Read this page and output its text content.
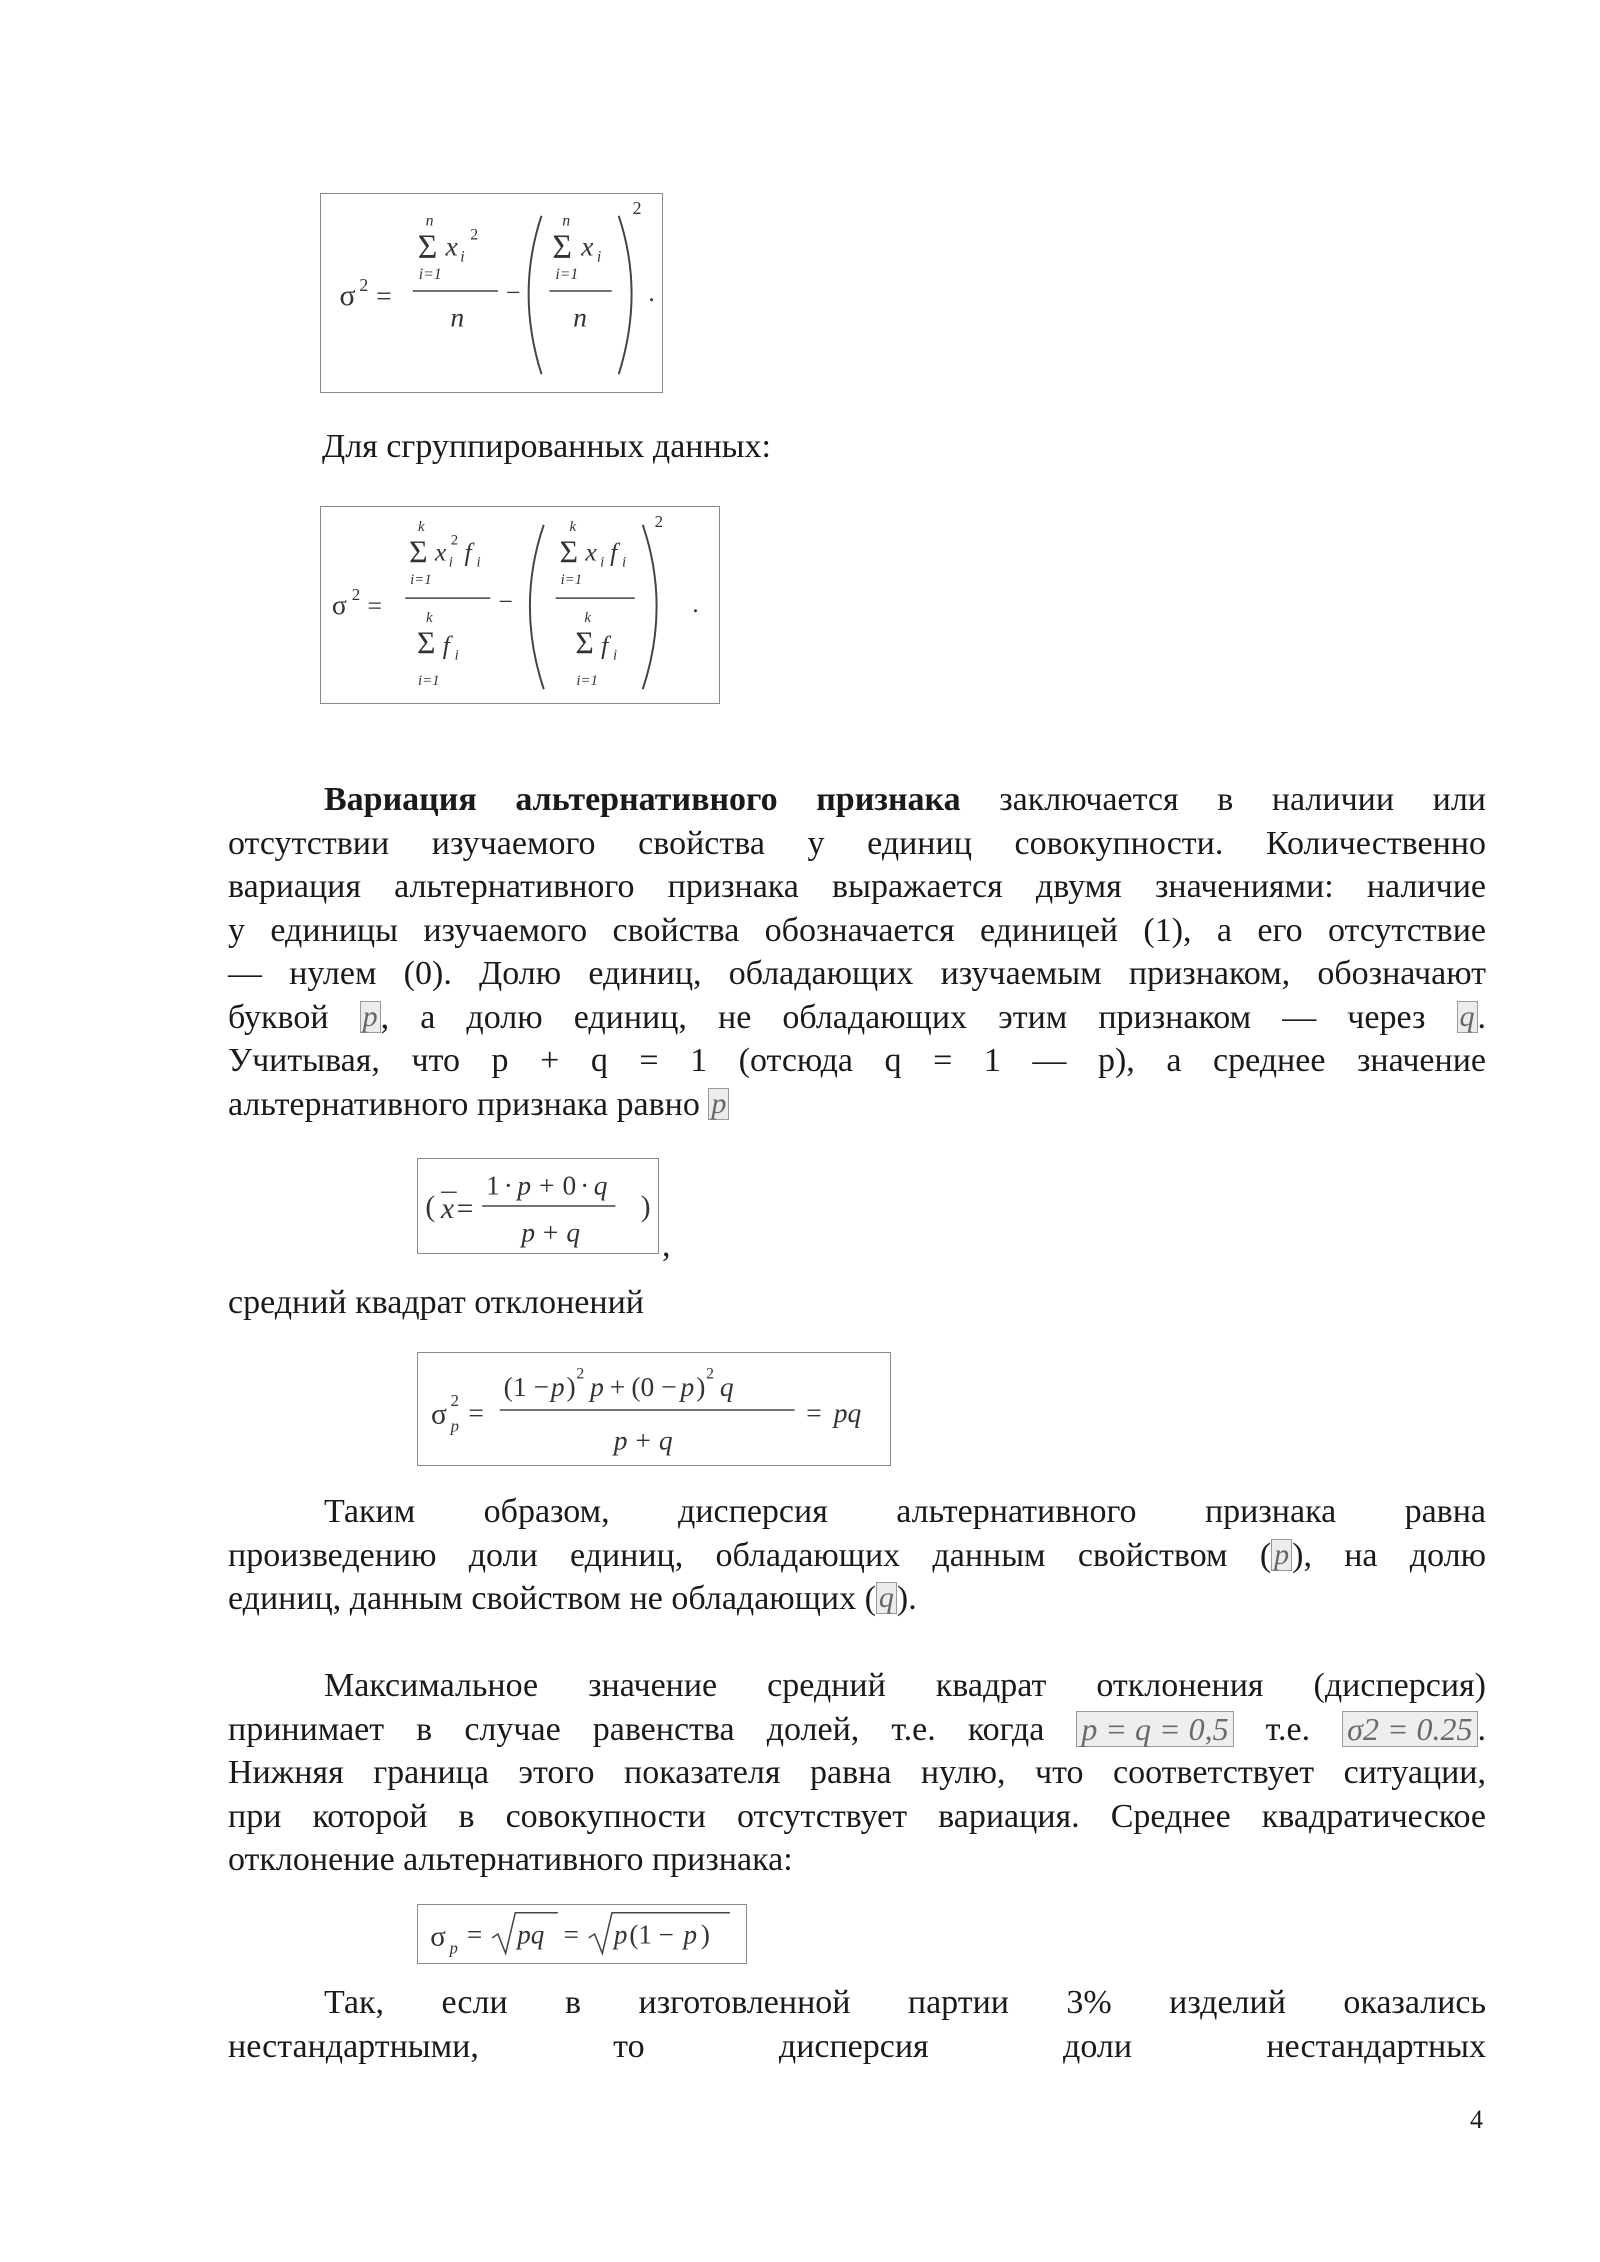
σ 2 =
n
Σ x i
2
i=1
n
−
n
Σ x i
i=1
n
2
.
Для сгруппированных данных:
σ 2 =
k
Σ x i
2 f i
i=1
k
Σ f i
i=1
−
k
Σ x i f i
i=1
k
Σ f i
i=1
2
.
Вариация альтернативного признака заключается в наличии или
отсутствии изучаемого свойства у единиц совокупности. Количественно
вариация альтернативного признака выражается двумя значениями: наличие
у единицы изучаемого свойства обозначается единицей (1), а его отсутствие
— нулем (0). Долю единиц, обладающих изучаемым признаком, обозначают
буквой p, а долю единиц, не обладающих этим признаком — через q.
Учитывая, что p + q = 1 (отсюда q = 1 — p), а среднее значение
альтернативного признака равно p
( x =
1 · p + 0 · q
p + q
)
,
средний квадрат отклонений
σ 2
p =
(1 − p ) 2 p + (0 − p ) 2 q
p + q
= pq
Таким образом, дисперсия альтернативного признака равна
произведению доли единиц, обладающих данным свойством ( p), на долю
единиц, данным свойством не обладающих ( q).
Максимальное значение средний квадрат отклонения (дисперсия)
принимает в случае равенства долей, т.е. когда p = q = 0,5 т.е. σ2 = 0.25 .
Нижняя граница этого показателя равна нулю, что соответствует ситуации,
при которой в совокупности отсутствует вариация. Среднее квадратическое
отклонение альтернативного признака:
σ p = pq = p (1 − p )
Так, если в изготовленной партии 3% изделий оказались
нестандартными, то дисперсия доли нестандартных
4
